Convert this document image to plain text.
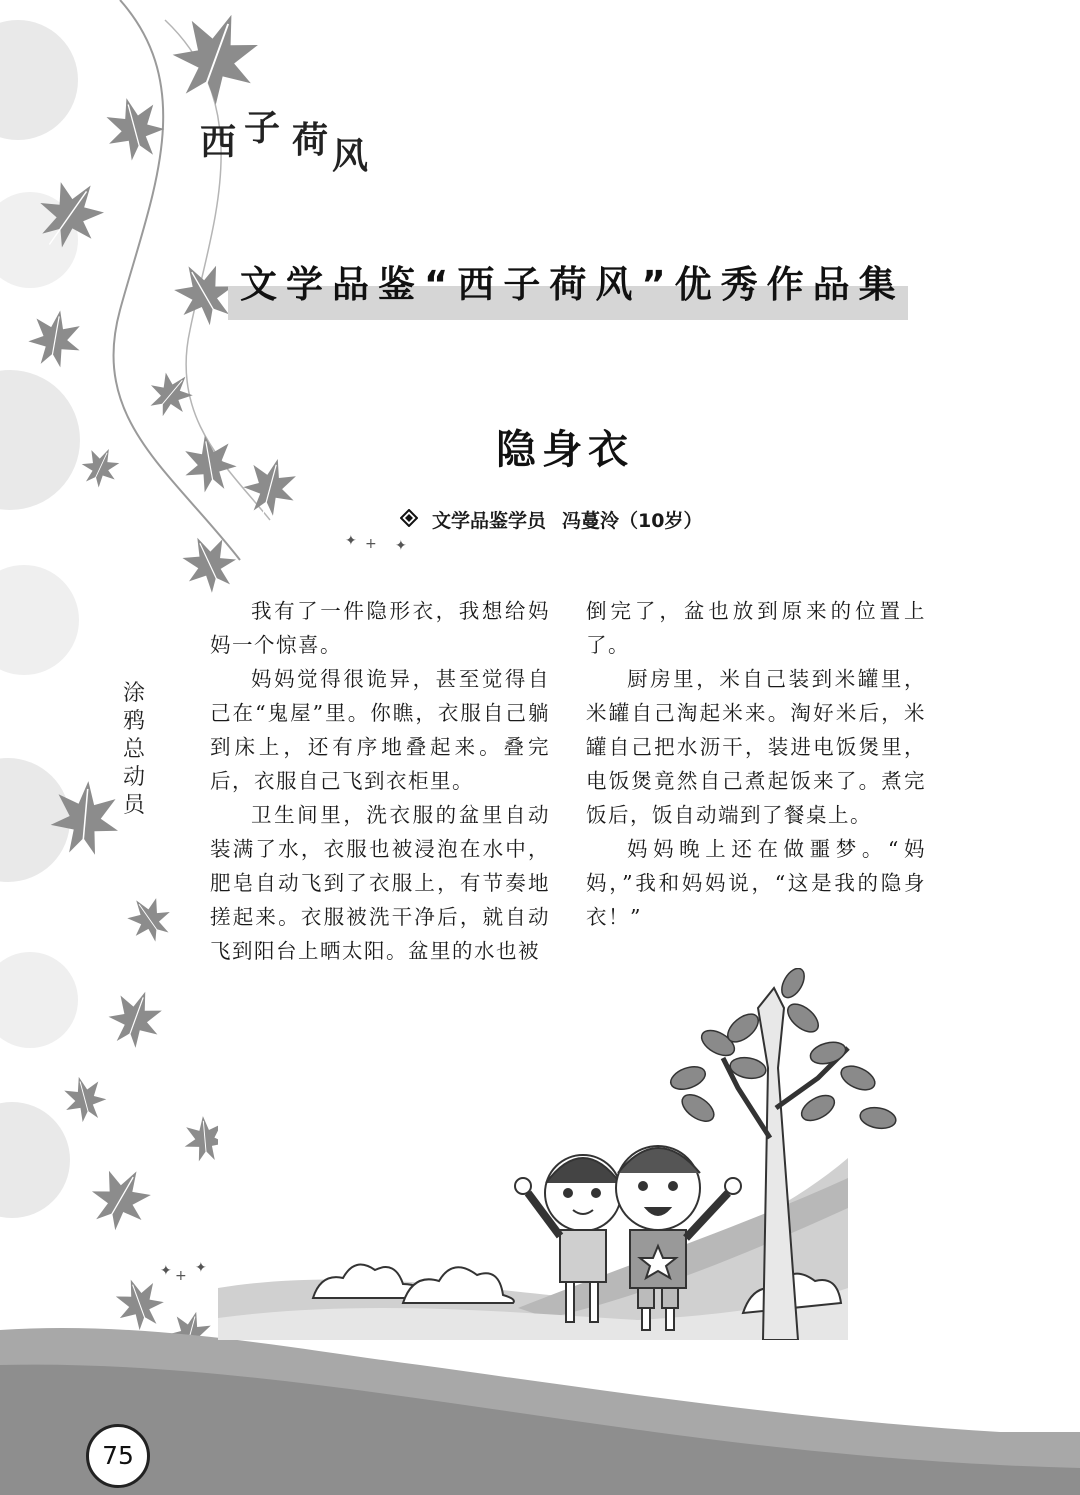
✦ + ✦
✦ + ✦
西 子 荷 风
文学品鉴“西子荷风”优秀作品集
隐身衣
文学品鉴学员 冯蔓泠（10岁）
涂
鸦
总
动
员

我有了一件隐形衣，我想给妈妈一个惊喜。

妈妈觉得很诡异，甚至觉得自己在“鬼屋”里。你瞧，衣服自己躺到床上，还有序地叠起来。叠完后，衣服自己飞到衣柜里。

卫生间里，洗衣服的盆里自动装满了水，衣服也被浸泡在水中，肥皂自动飞到了衣服上，有节奏地搓起来。衣服被洗干净后，就自动飞到阳台上晒太阳。盆里的水也被

倒完了，盆也放到原来的位置上了。

厨房里，米自己装到米罐里，米罐自己淘起米来。淘好米后，米罐自己把水沥干，装进电饭煲里，电饭煲竟然自己煮起饭来了。煮完饭后，饭自动端到了餐桌上。

妈妈晚上还在做噩梦。“妈妈，”我和妈妈说，“这是我的隐身衣！”

75
